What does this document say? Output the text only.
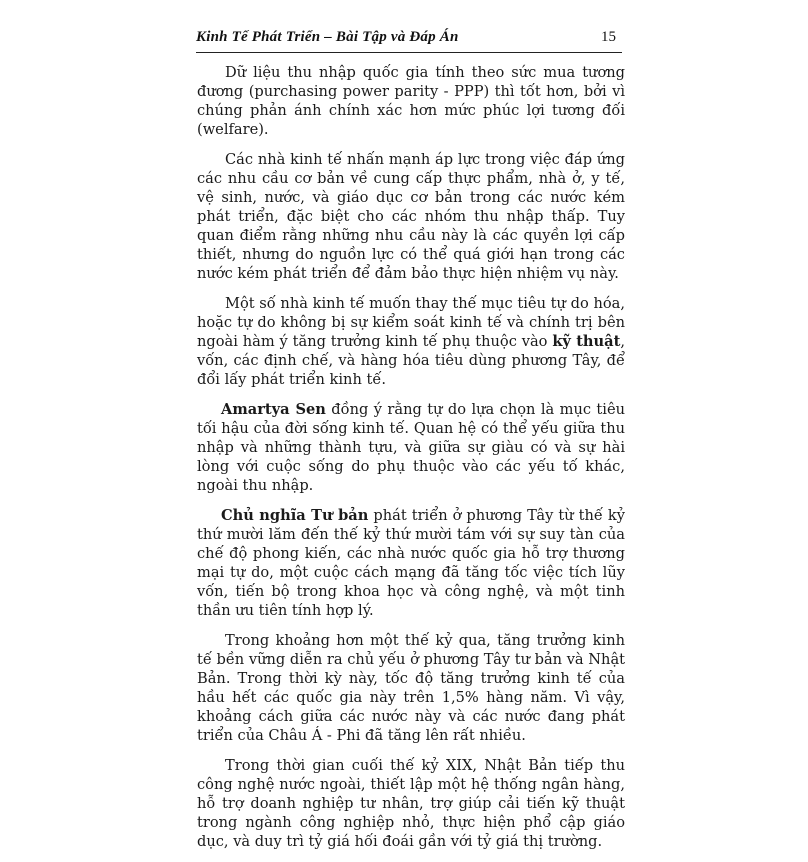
Kinh Tế Phát Triển – Bài Tập và Đáp Án	15

Dữ liệu thu nhập quốc gia tính theo sức mua tương đương (purchasing power parity - PPP) thì tốt hơn, bởi vì chúng phản ánh chính xác hơn mức phúc lợi tương đối (welfare).

Các nhà kinh tế nhấn mạnh áp lực trong việc đáp ứng các nhu cầu cơ bản về cung cấp thực phẩm, nhà ở, y tế, vệ sinh, nước, và giáo dục cơ bản trong các nước kém phát triển, đặc biệt cho các nhóm thu nhập thấp. Tuy quan điểm rằng những nhu cầu này là các quyền lợi cấp thiết, nhưng do nguồn lực có thể quá giới hạn trong các nước kém phát triển để đảm bảo thực hiện nhiệm vụ này.

Một số nhà kinh tế muốn thay thế mục tiêu tự do hóa, hoặc tự do không bị sự kiểm soát kinh tế và chính trị bên ngoài hàm ý tăng trưởng kinh tế phụ thuộc vào kỹ thuật, vốn, các định chế, và hàng hóa tiêu dùng phương Tây, để đổi lấy phát triển kinh tế.

Amartya Sen đồng ý rằng tự do lựa chọn là mục tiêu tối hậu của đời sống kinh tế. Quan hệ có thể yếu giữa thu nhập và những thành tựu, và giữa sự giàu có và sự hài lòng với cuộc sống do phụ thuộc vào các yếu tố khác, ngoài thu nhập.

Chủ nghĩa Tư bản phát triển ở phương Tây từ thế kỷ thứ mười lăm đến thế kỷ thứ mười tám với sự suy tàn của chế độ phong kiến, các nhà nước quốc gia hỗ trợ thương mại tự do, một cuộc cách mạng đã tăng tốc việc tích lũy vốn, tiến bộ trong khoa học và công nghệ, và một tinh thần ưu tiên tính hợp lý.

Trong khoảng hơn một thế kỷ qua, tăng trưởng kinh tế bền vững diễn ra chủ yếu ở phương Tây tư bản và Nhật Bản. Trong thời kỳ này, tốc độ tăng trưởng kinh tế của hầu hết các quốc gia này trên 1,5% hàng năm. Vì vậy, khoảng cách giữa các nước này và các nước đang phát triển của Châu Á - Phi đã tăng lên rất nhiều.

Trong thời gian cuối thế kỷ XIX, Nhật Bản tiếp thu công nghệ nước ngoài, thiết lập một hệ thống ngân hàng, hỗ trợ doanh nghiệp tư nhân, trợ giúp cải tiến kỹ thuật trong ngành công nghiệp nhỏ, thực hiện phổ cập giáo dục, và duy trì tỷ giá hối đoái gần với tỷ giá thị trường.
